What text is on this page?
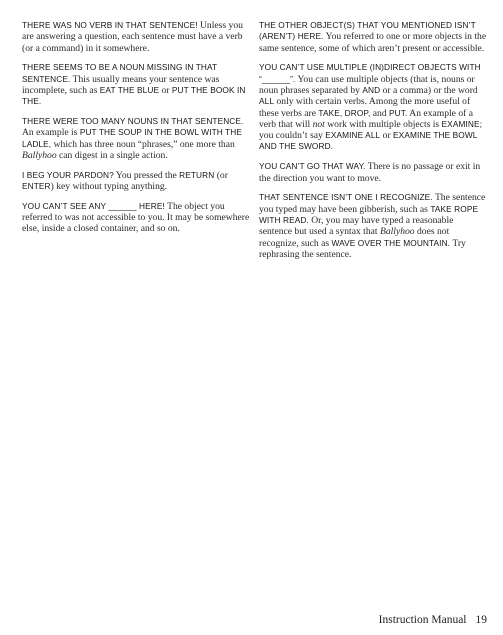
THERE WAS NO VERB IN THAT SENTENCE! Unless you are answering a question, each sentence must have a verb (or a command) in it somewhere.

THERE SEEMS TO BE A NOUN MISSING IN THAT SENTENCE. This usually means your sentence was incomplete, such as EAT THE BLUE or PUT THE BOOK IN THE.

THERE WERE TOO MANY NOUNS IN THAT SENTENCE. An example is PUT THE SOUP IN THE BOWL WITH THE LADLE, which has three noun “phrases,” one more than Ballyhoo can digest in a single action.

I BEG YOUR PARDON? You pressed the RETURN (or ENTER) key without typing anything.

YOU CAN’T SEE ANY ______ HERE! The object you referred to was not accessible to you. It may be somewhere else, inside a closed container, and so on.

THE OTHER OBJECT(S) THAT YOU MENTIONED ISN’T (AREN’T) HERE. You referred to one or more objects in the same sentence, some of which aren’t present or accessible.

YOU CAN’T USE MULTIPLE (IN)DIRECT OBJECTS WITH “______”. You can use multiple objects (that is, nouns or noun phrases separated by AND or a comma) or the word ALL only with certain verbs. Among the more useful of these verbs are TAKE, DROP, and PUT. An example of a verb that will not work with multiple objects is EXAMINE; you couldn’t say EXAMINE ALL or EXAMINE THE BOWL AND THE SWORD.

YOU CAN’T GO THAT WAY. There is no passage or exit in the direction you want to move.

THAT SENTENCE ISN’T ONE I RECOGNIZE. The sentence you typed may have been gibberish, such as TAKE ROPE WITH READ. Or, you may have typed a reasonable sentence but used a syntax that Ballyhoo does not recognize, such as WAVE OVER THE MOUNTAIN. Try rephrasing the sentence.

Instruction Manual 19
